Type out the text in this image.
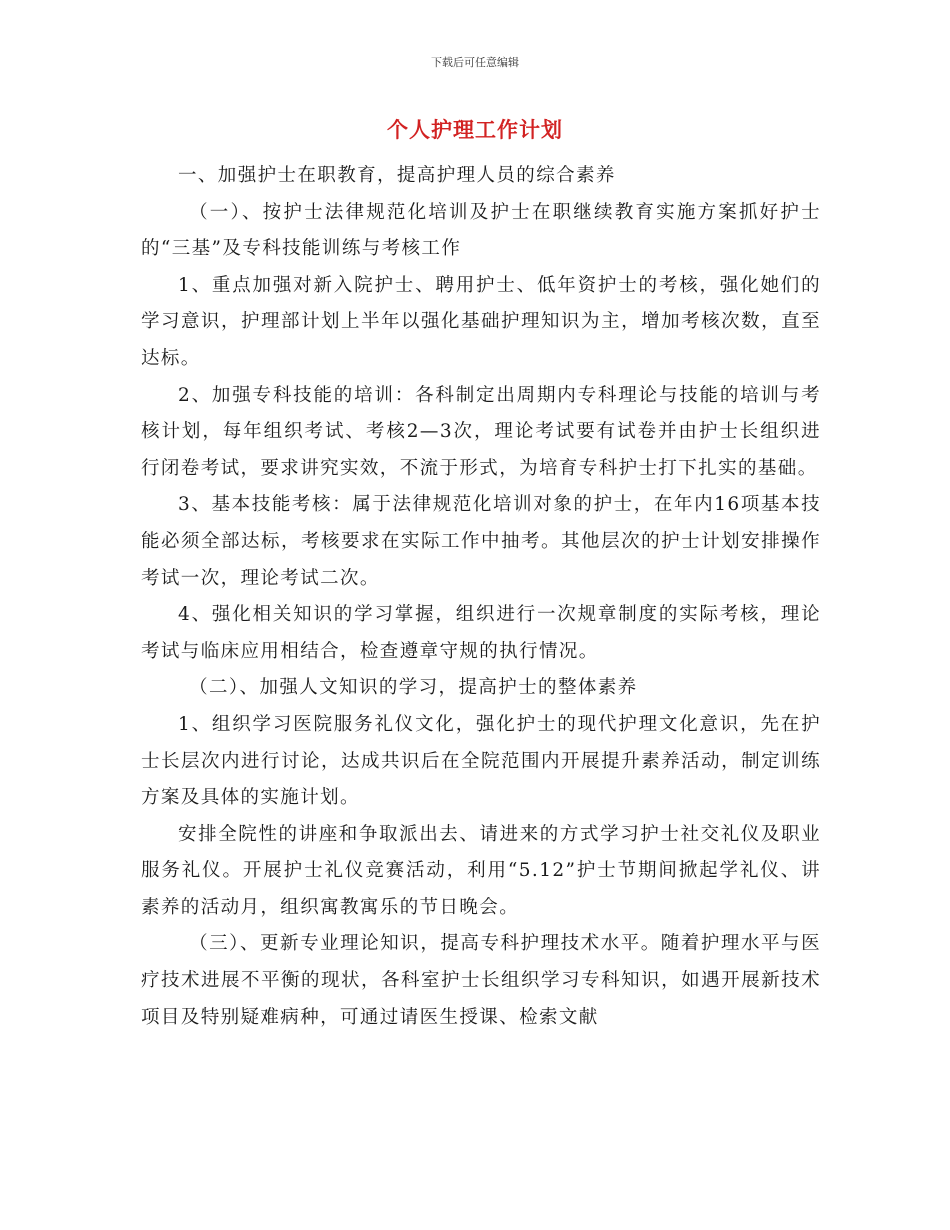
下载后可任意编辑
个人护理工作计划

一、加强护士在职教育，提高护理人员的综合素养

（一）、按护士法律规范化培训及护士在职继续教育实施方案抓好护士的“三基”及专科技能训练与考核工作

1、重点加强对新入院护士、聘用护士、低年资护士的考核，强化她们的学习意识，护理部计划上半年以强化基础护理知识为主，增加考核次数，直至达标。

2、加强专科技能的培训：各科制定出周期内专科理论与技能的培训与考核计划，每年组织考试、考核2—3次，理论考试要有试卷并由护士长组织进行闭卷考试，要求讲究实效，不流于形式，为培育专科护士打下扎实的基础。

3、基本技能考核：属于法律规范化培训对象的护士，在年内16项基本技能必须全部达标，考核要求在实际工作中抽考。其他层次的护士计划安排操作考试一次，理论考试二次。

4、强化相关知识的学习掌握，组织进行一次规章制度的实际考核，理论考试与临床应用相结合，检查遵章守规的执行情况。

（二）、加强人文知识的学习，提高护士的整体素养

1、组织学习医院服务礼仪文化，强化护士的现代护理文化意识，先在护士长层次内进行讨论，达成共识后在全院范围内开展提升素养活动，制定训练方案及具体的实施计划。

安排全院性的讲座和争取派出去、请进来的方式学习护士社交礼仪及职业服务礼仪。开展护士礼仪竞赛活动，利用“5.12”护士节期间掀起学礼仪、讲素养的活动月，组织寓教寓乐的节日晚会。

（三）、更新专业理论知识，提高专科护理技术水平。随着护理水平与医疗技术进展不平衡的现状，各科室护士长组织学习专科知识，如遇开展新技术项目及特别疑难病种，可通过请医生授课、检索文献
